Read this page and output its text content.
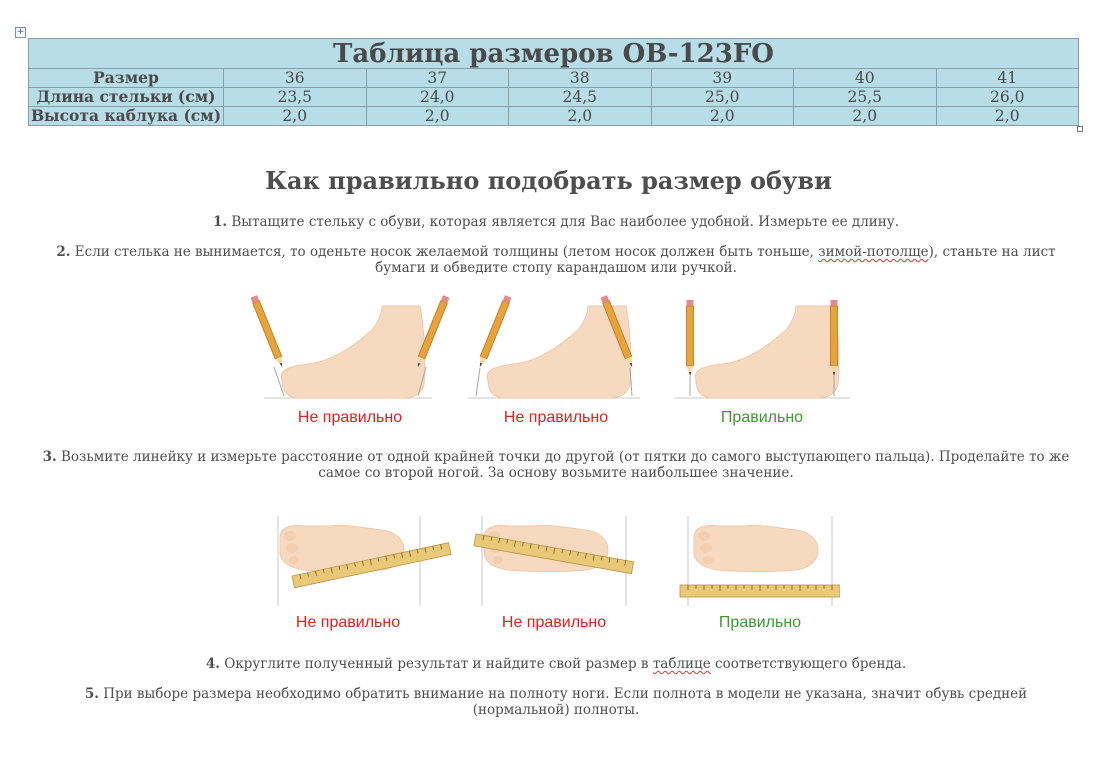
+
Таблица размеров OB-123FO						
Размер	36	37	38	39	40	41
Длина стельки (см)	23,5	24,0	24,5	25,0	25,5	26,0
Высота каблука (см)	2,0	2,0	2,0	2,0	2,0	2,0
Как правильно подобрать размер обуви
1. Вытащите стельку с обуви, которая является для Вас наиболее удобной. Измерьте ее длину.
2. Если стелька не вынимается, то оденьте носок желаемой толщины (летом носок должен быть тоньше, зимой-потолще), станьте на лист бумаги и обведите стопу карандашом или ручкой.
Не правильно	Не правильно	Правильно
3. Возьмите линейку и измерьте расстояние от одной крайней точки до другой (от пятки до самого выступающего пальца). Проделайте то же самое со второй ногой. За основу возьмите наибольшее значение.
Не правильно	Не правильно	Правильно
4. Округлите полученный результат и найдите свой размер в таблице соответствующего бренда.
5. При выборе размера необходимо обратить внимание на полноту ноги. Если полнота в модели не указана, значит обувь средней (нормальной) полноты.
